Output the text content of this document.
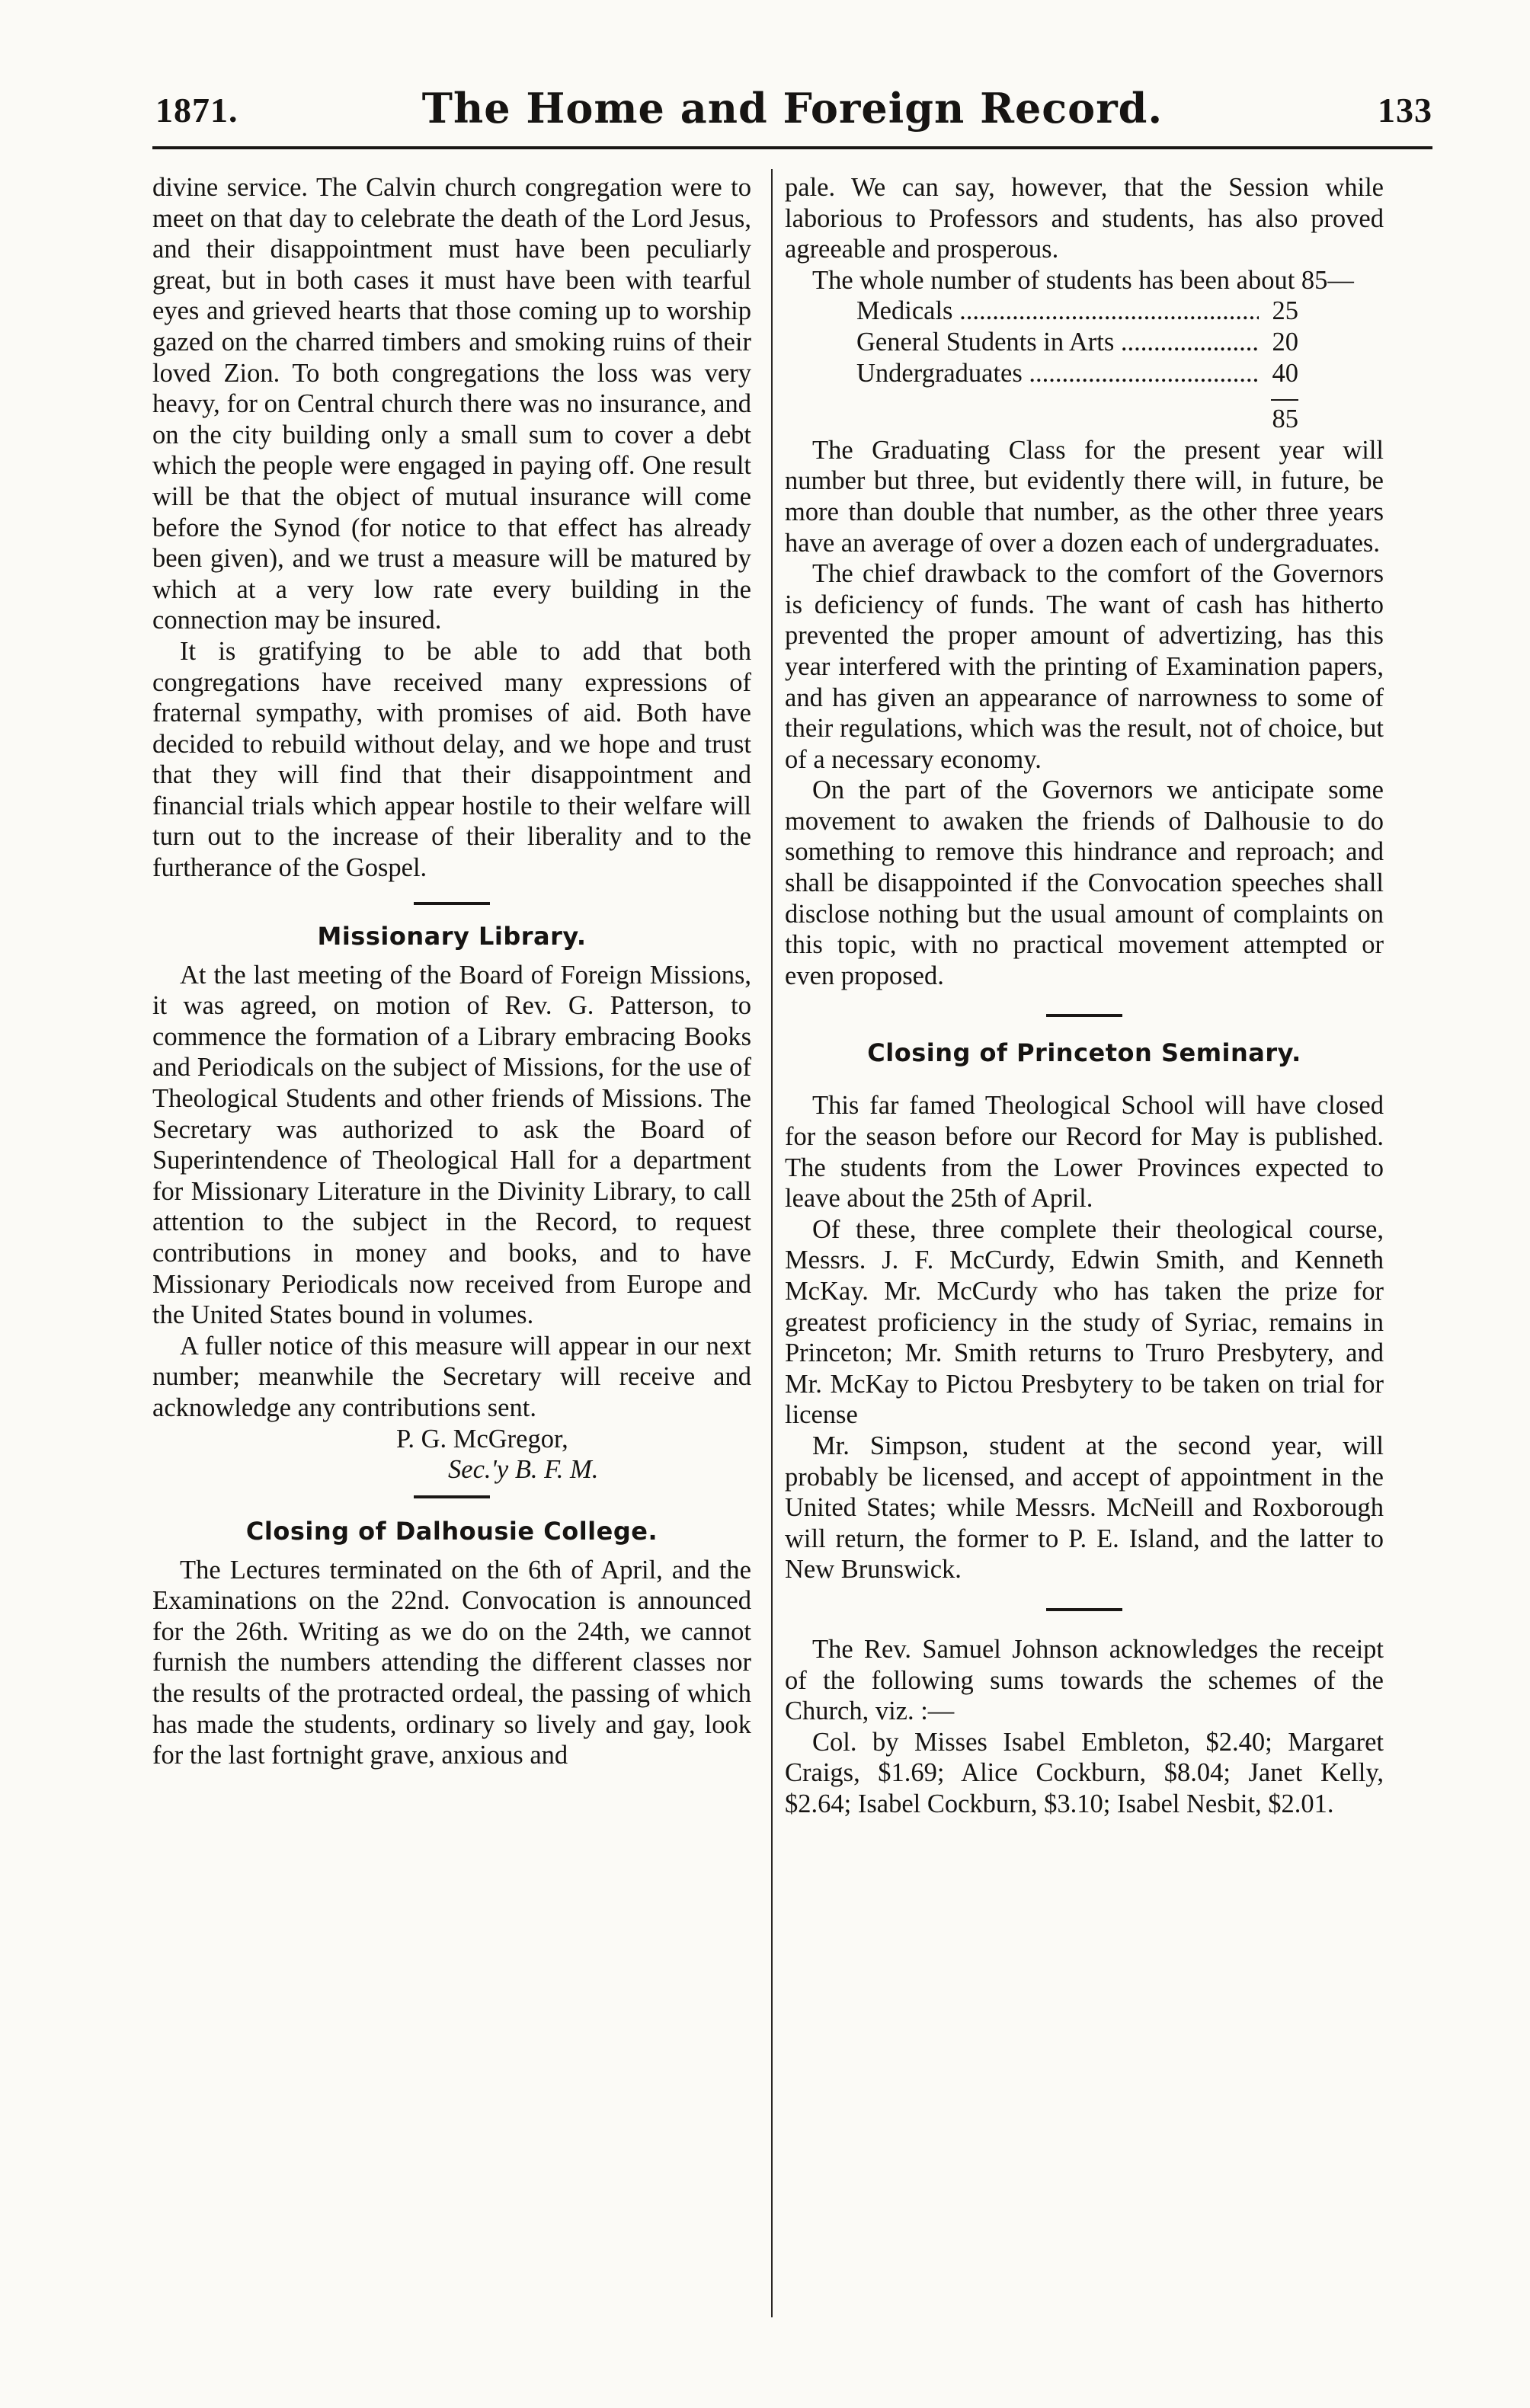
1871.	The Home and Foreign Record.	133

divine service. The Calvin church congregation were to meet on that day to celebrate the death of the Lord Jesus, and their disappointment must have been peculiarly great, but in both cases it must have been with tearful eyes and grieved hearts that those coming up to worship gazed on the charred timbers and smoking ruins of their loved Zion. To both congregations the loss was very heavy, for on Central church there was no insurance, and on the city building only a small sum to cover a debt which the people were engaged in paying off. One result will be that the object of mutual insurance will come before the Synod (for notice to that effect has already been given), and we trust a measure will be matured by which at a very low rate every building in the connection may be insured.

It is gratifying to be able to add that both congregations have received many expressions of fraternal sympathy, with promises of aid. Both have decided to rebuild without delay, and we hope and trust that they will find that their disappointment and financial trials which appear hostile to their welfare will turn out to the increase of their liberality and to the furtherance of the Gospel.

Missionary Library.

At the last meeting of the Board of Foreign Missions, it was agreed, on motion of Rev. G. Patterson, to commence the formation of a Library embracing Books and Periodicals on the subject of Missions, for the use of Theological Students and other friends of Missions. The Secretary was authorized to ask the Board of Superintendence of Theological Hall for a department for Missionary Literature in the Divinity Library, to call attention to the subject in the Record, to request contributions in money and books, and to have Missionary Periodicals now received from Europe and the United States bound in volumes.

A fuller notice of this measure will appear in our next number; meanwhile the Secretary will receive and acknowledge any contributions sent.

P. G. McGregor,
Sec.'y B. F. M.
Closing of Dalhousie College.

The Lectures terminated on the 6th of April, and the Examinations on the 22nd. Convocation is announced for the 26th. Writing as we do on the 24th, we cannot furnish the numbers attending the different classes nor the results of the protracted ordeal, the passing of which has made the students, ordinary so lively and gay, look for the last fortnight grave, anxious and

pale. We can say, however, that the Session while laborious to Professors and students, has also proved agreeable and prosperous.

The whole number of students has been about 85—

Medicals .....	25
General Students in Arts .....	20
Undergraduates .....	40
85

The Graduating Class for the present year will number but three, but evidently there will, in future, be more than double that number, as the other three years have an average of over a dozen each of undergraduates.

The chief drawback to the comfort of the Governors is deficiency of funds. The want of cash has hitherto prevented the proper amount of advertizing, has this year interfered with the printing of Examination papers, and has given an appearance of narrowness to some of their regulations, which was the result, not of choice, but of a necessary economy.

On the part of the Governors we anticipate some movement to awaken the friends of Dalhousie to do something to remove this hindrance and reproach; and shall be disappointed if the Convocation speeches shall disclose nothing but the usual amount of complaints on this topic, with no practical movement attempted or even proposed.

Closing of Princeton Seminary.

This far famed Theological School will have closed for the season before our Record for May is published. The students from the Lower Provinces expected to leave about the 25th of April.

Of these, three complete their theological course, Messrs. J. F. McCurdy, Edwin Smith, and Kenneth McKay. Mr. McCurdy who has taken the prize for greatest proficiency in the study of Syriac, remains in Princeton; Mr. Smith returns to Truro Presbytery, and Mr. McKay to Pictou Presbytery to be taken on trial for license

Mr. Simpson, student at the second year, will probably be licensed, and accept of appointment in the United States; while Messrs. McNeill and Roxborough will return, the former to P. E. Island, and the latter to New Brunswick.

The Rev. Samuel Johnson acknowledges the receipt of the following sums towards the schemes of the Church, viz. :—

Col. by Misses Isabel Embleton, $2.40; Margaret Craigs, $1.69; Alice Cockburn, $8.04; Janet Kelly, $2.64; Isabel Cockburn, $3.10; Isabel Nesbit, $2.01.
